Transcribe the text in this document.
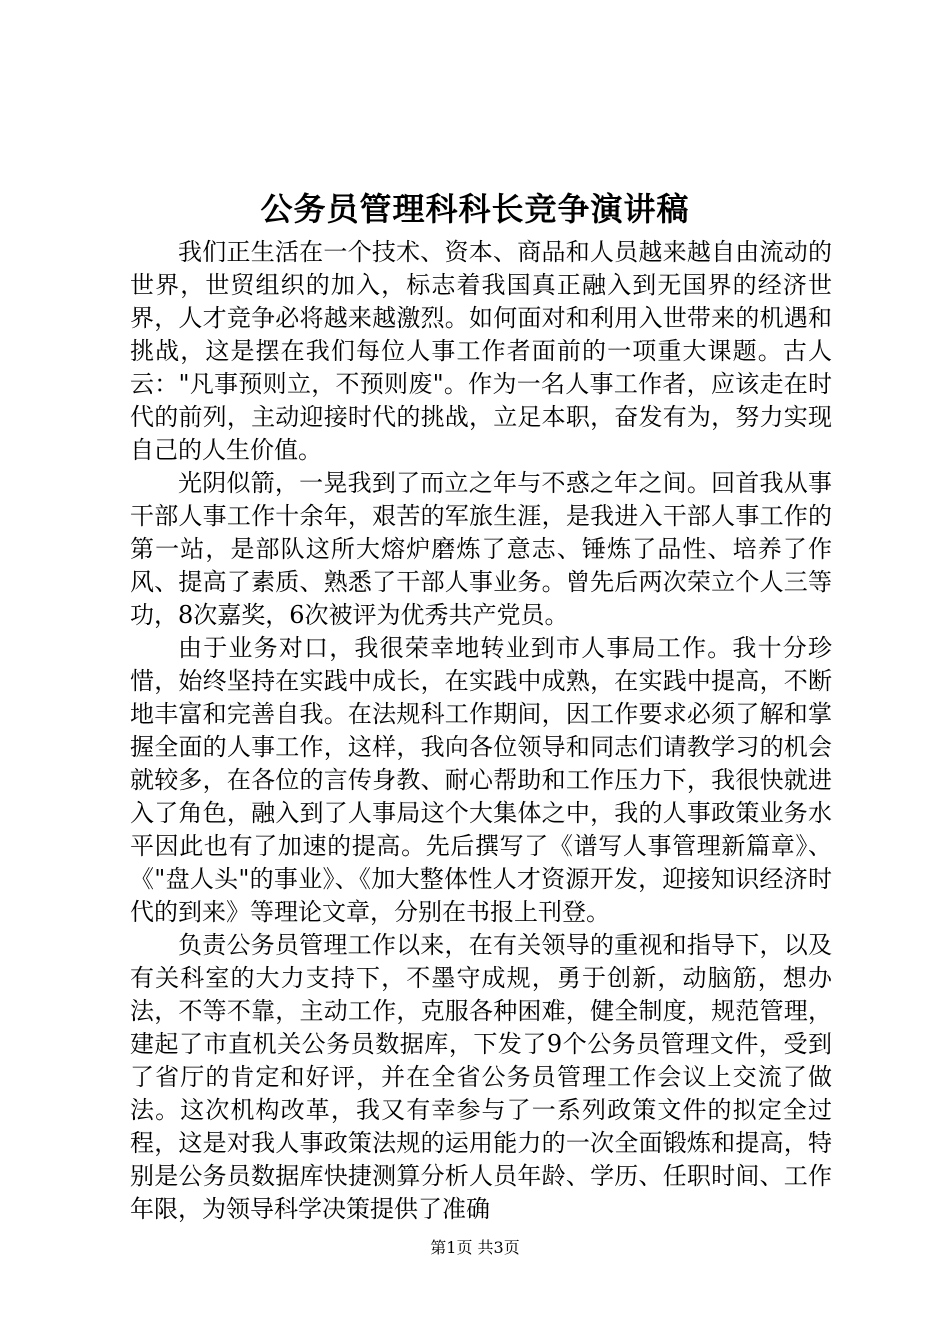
公务员管理科科长竞争演讲稿

我们正生活在一个技术、资本、商品和人员越来越自由流动的世界，世贸组织的加入，标志着我国真正融入到无国界的经济世界，人才竞争必将越来越激烈。如何面对和利用入世带来的机遇和挑战，这是摆在我们每位人事工作者面前的一项重大课题。古人云："凡事预则立，不预则废"。作为一名人事工作者，应该走在时代的前列，主动迎接时代的挑战，立足本职，奋发有为，努力实现自己的人生价值。

光阴似箭，一晃我到了而立之年与不惑之年之间。回首我从事干部人事工作十余年，艰苦的军旅生涯，是我进入干部人事工作的第一站，是部队这所大熔炉磨炼了意志、锤炼了品性、培养了作风、提高了素质、熟悉了干部人事业务。曾先后两次荣立个人三等功，8次嘉奖，6次被评为优秀共产党员。

由于业务对口，我很荣幸地转业到市人事局工作。我十分珍惜，始终坚持在实践中成长，在实践中成熟，在实践中提高，不断地丰富和完善自我。在法规科工作期间，因工作要求必须了解和掌握全面的人事工作，这样，我向各位领导和同志们请教学习的机会就较多，在各位的言传身教、耐心帮助和工作压力下，我很快就进入了角色，融入到了人事局这个大集体之中，我的人事政策业务水平因此也有了加速的提高。先后撰写了《谱写人事管理新篇章》、《"盘人头"的事业》、《加大整体性人才资源开发，迎接知识经济时代的到来》等理论文章，分别在书报上刊登。

负责公务员管理工作以来，在有关领导的重视和指导下，以及有关科室的大力支持下，不墨守成规，勇于创新，动脑筋，想办法，不等不靠，主动工作，克服各种困难，健全制度，规范管理，建起了市直机关公务员数据库，下发了9个公务员管理文件，受到了省厅的肯定和好评，并在全省公务员管理工作会议上交流了做法。这次机构改革，我又有幸参与了一系列政策文件的拟定全过程，这是对我人事政策法规的运用能力的一次全面锻炼和提高，特别是公务员数据库快捷测算分析人员年龄、学历、任职时间、工作年限，为领导科学决策提供了准确

第1页 共3页
